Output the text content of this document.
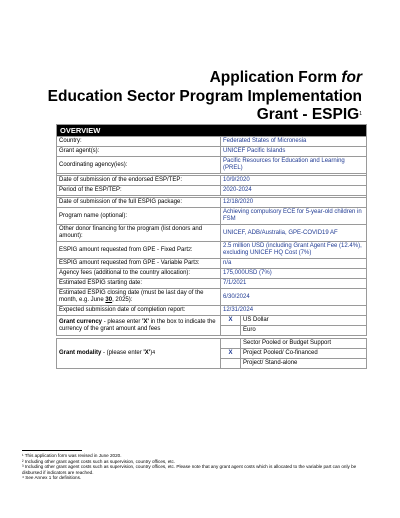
Application Form for
Education Sector Program Implementation
Grant - ESPIG$^1$
OVERVIEW		
Country:	Federated States of Micronesia	
Grant agent(s):	UNICEF Pacific Islands	
Coordinating agency(ies):	Pacific Resources for Education and Learning (PREL)	

Date of submission of the endorsed ESP/TEP:	10/9/2020	
Period of the ESP/TEP:	2020-2024	

Date of submission of the full ESPIG package:	12/18/2020	
Program name (optional):	Achieving compulsory ECE for 5-year-old children in FSM	
Other donor financing for the program (list donors and amount):	UNICEF, ADB/Australia, GPE-COVID19 AF	
ESPIG amount requested from GPE - Fixed Part$^2$:	2.5 million USD (including Grant Agent Fee (12.4%), excluding UNICEF HQ Cost (7%)	
ESPIG amount requested from GPE - Variable Part$^3$:	n/a	
Agency fees (additional to the country allocation):	175,000USD (7%)	
Estimated ESPIG starting date:	7/1/2021	
Estimated ESPIG closing date (must be last day of the month, e.g. June 30, 2025):	6/30/2024	
Expected submission date of completion report:	12/31/2024	
Grant currency - please enter 'X' in the box to indicate the currency of the grant amount and fees	X	US Dollar
		Euro

Grant modality - (please enter 'X')$^4$		Sector Pooled or Budget Support
	X	Project Pooled/ Co-financed
		Project/ Stand-alone
¹ This application form was revised in June 2020.
² Including other grant agent costs such as supervision, country offices, etc.
³ Including other grant agent costs such as supervision, country offices, etc. Please note that any grant agent costs which is allocated to the variable part can only be disbursed if indicators are reached.
⁴ See Annex 1 for definitions.
